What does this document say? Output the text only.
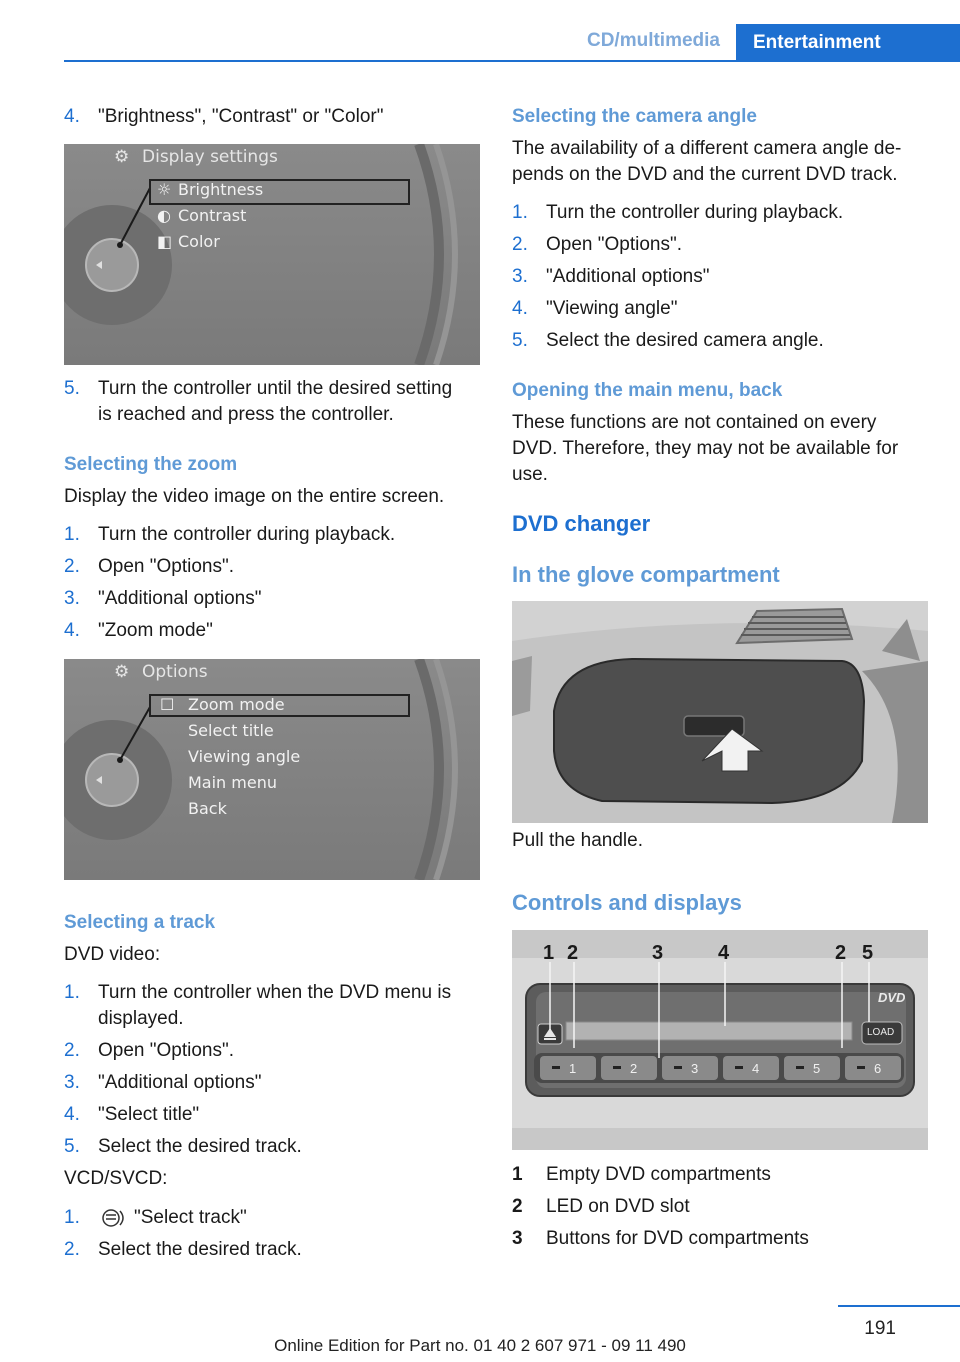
CD/multimedia	Entertainment
4. "Brightness", "Contrast" or "Color"
⚙ Display settings
☼ Brightness
◐ Contrast
◧ Color
5. Turn the controller until the desired setting
is reached and press the controller.
Selecting the zoom
Display the video image on the entire screen.
1. Turn the controller during playback.
2. Open "Options".
3. "Additional options"
4. "Zoom mode"
⚙ Options
☐ Zoom mode
Select title
Viewing angle
Main menu
Back
Selecting a track
DVD video:
1. Turn the controller when the DVD menu is
displayed.
2. Open "Options".
3. "Additional options"
4. "Select title"
5. Select the desired track.
VCD/SVCD:
1.	"Select track"
2. Select the desired track.
Selecting the camera angle
The availability of a different camera angle de-
pends on the DVD and the current DVD track.
1. Turn the controller during playback.
2. Open "Options".
3. "Additional options"
4. "Viewing angle"
5. Select the desired camera angle.
Opening the main menu, back
These functions are not contained on every
DVD. Therefore, they may not be available for
use.
DVD changer
In the glove compartment
Pull the handle.
Controls and displays
1 2	3	4	2 5
DVD
LOAD
1	2	3	4	5	6
1 Empty DVD compartments
2 LED on DVD slot
3 Buttons for DVD compartments
191
Online Edition for Part no. 01 40 2 607 971 - 09 11 490
